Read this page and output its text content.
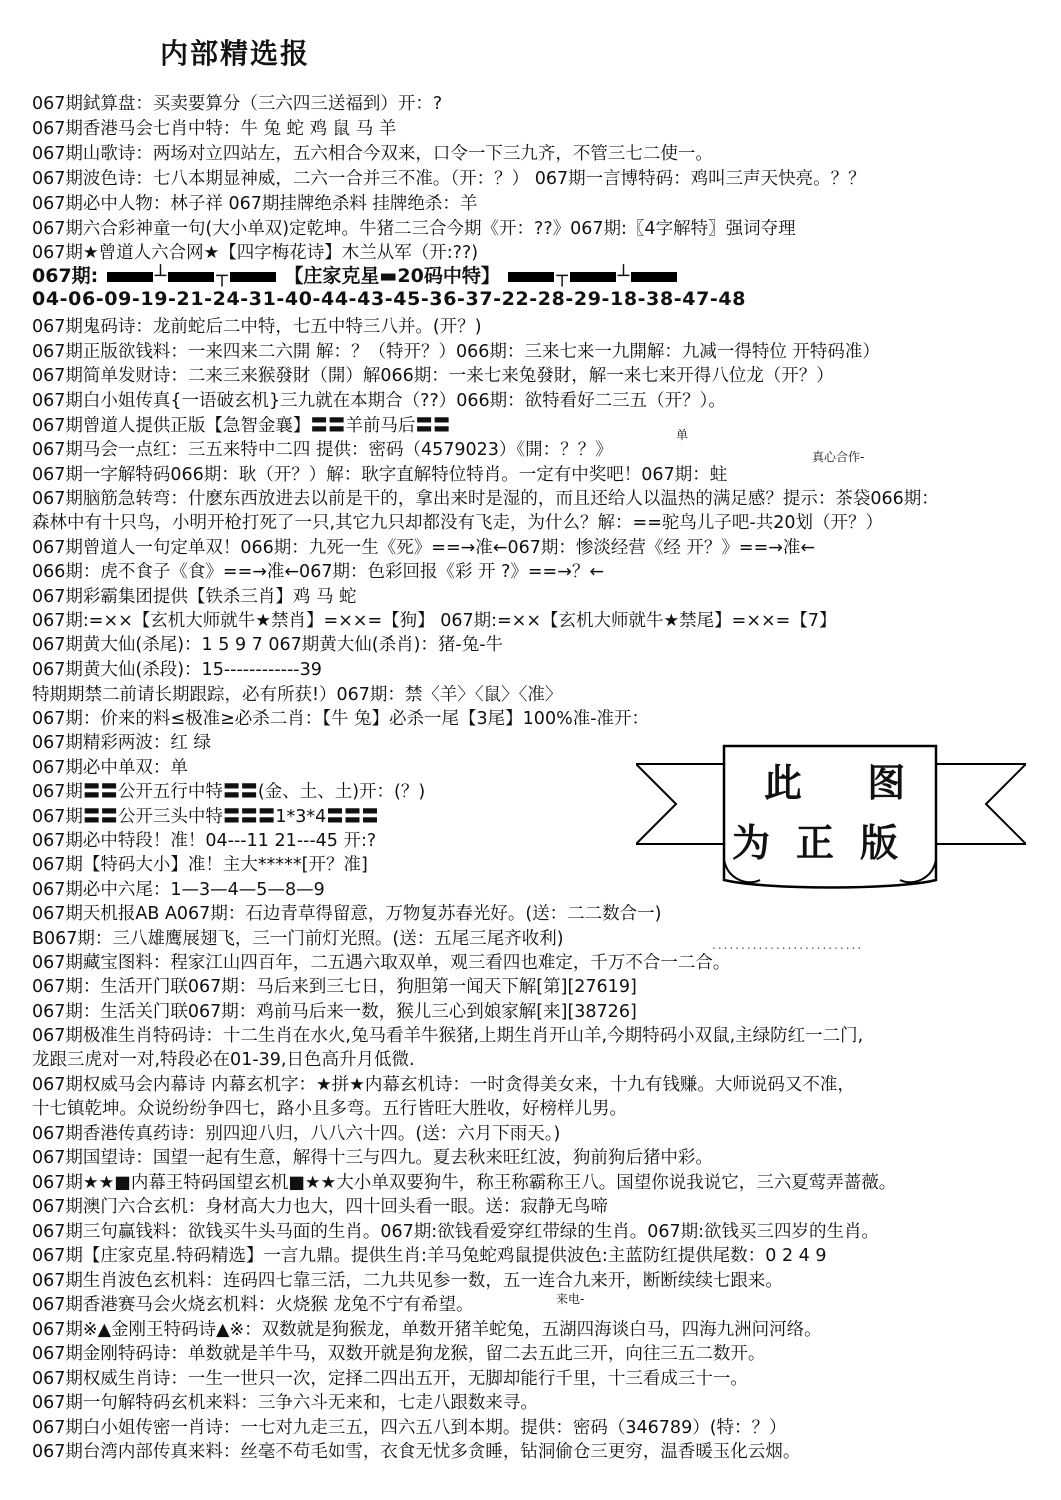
内部精选报
067期鉽算盘：买卖要算分（三六四三送福到）开：?
067期香港马会七肖中特：牛 兔 蛇 鸡 鼠 马 羊
067期山歌诗：两场对立四站左，五六相合今双来，口令一下三九齐，不管三七二使一。
067期波色诗：七八本期显神威，二六一合并三不准。（开：？） 067期一言博特码：鸡叫三声天快亮。？？
067期必中人物：林子祥 067期挂牌绝杀料 挂牌绝杀：羊
067期六合彩神童一句(大小单双)定乾坤。牛猪二三合今期《开：??》067期:〖4字解特〗强词夺理
067期★曾道人六合网★【四字梅花诗】木兰从军（开:??)
067期鬼码诗：龙前蛇后二中特，七五中特三八并。(开？)
067期正版欲钱料：一来四来二六開 解：？（特开？）066期：三来七来一九開解：九减一得特位 开特码准）
067期简单发财诗：二来三来猴發財（開）解066期：一来七来兔發財，解一来七来开得八位龙（开？）
067期白小姐传真{一语破玄机}三九就在本期合（??）066期：欲特看好二三五（开？）。
067期曾道人提供正版【急智金襄】〓〓羊前马后〓〓
067期马会一点红：三五来特中二四 提供：密码（4579023）《開：？？》
067期一字解特码066期：耿（开？）解：耿字直解特位特肖。一定有中奖吧！067期：蛀
067期脑筋急转弯：什麽东西放进去以前是干的，拿出来时是湿的，而且还给人以温热的满足感？提示：茶袋066期：
森林中有十只鸟，小明开枪打死了一只,其它九只却都没有飞走，为什么？解：==驼鸟儿子吧-共20划（开？）
067期曾道人一句定单双！066期：九死一生《死》==→准←067期：惨淡经营《经 开？》==→准←
066期：虎不食子《食》==→准←067期：色彩回报《彩 开 ?》==→？←
067期彩霸集团提供【铁杀三肖】鸡 马 蛇
067期:=××【玄机大师就牛★禁肖】=××=【狗】 067期:=××【玄机大师就牛★禁尾】=××=【7】
067期黄大仙(杀尾)：1 5 9 7 067期黄大仙(杀肖)：猪-兔-牛
067期黄大仙(杀段)：15------------39
特期期禁二前请长期跟踪，必有所获!）067期：禁〈羊〉〈鼠〉〈准〉
067期：价来的料≤极准≥必杀二肖：【牛 兔】必杀一尾【3尾】100%准-准开：
067期精彩两波：红 绿
067期必中单双：单
067期〓〓公开五行中特〓〓(金、土、土)开：(？)
067期〓〓公开三头中特〓〓〓1*3*4〓〓〓
067期必中特段！准！04---11 21---45 开:?
067期【特码大小】准！主大*****[开？准]
067期必中六尾：1—3—4—5—8—9
067期天机报AB A067期：石边青草得留意，万物复苏春光好。(送：二二数合一)
B067期：三八雄鹰展翅飞，三一门前灯光照。(送：五尾三尾齐收利)
067期藏宝图料：程家江山四百年，二五遇六取双单，观三看四也难定，千万不合一二合。
067期：生活开门联067期：马后来到三七日，狗胆第一闻天下解[第][27619]
067期：生活关门联067期：鸡前马后来一数，猴儿三心到娘家解[来][38726]
067期极准生肖特码诗：十二生肖在水火,兔马看羊牛猴猪,上期生肖开山羊,今期特码小双鼠,主绿防红一二门,
龙跟三虎对一对,特段必在01-39,日色高升月低微.
067期权威马会内幕诗 内幕玄机字：★拼★内幕玄机诗：一时贪得美女来，十九有钱赚。大师说码又不准，
十七镇乾坤。众说纷纷争四七，路小且多弯。五行皆旺大胜收，好榜样儿男。
067期香港传真药诗：别四迎八归，八八六十四。(送：六月下雨天。)
067期国望诗：国望一起有生意，解得十三与四九。夏去秋来旺红波，狗前狗后猪中彩。
067期★★■内幕王特码国望玄机■★★大小单双要狗牛，称王称霸称王八。国望你说我说它，三六夏莺弄蔷薇。
067期澳门六合玄机：身材高大力也大，四十回头看一眼。送：寂静无鸟啼
067期三句赢钱料：欲钱买牛头马面的生肖。067期:欲钱看爱穿红带绿的生肖。067期:欲钱买三四岁的生肖。
067期【庄家克星.特码精选】一言九鼎。提供生肖:羊马兔蛇鸡鼠提供波色:主蓝防红提供尾数：0 2 4 9
067期生肖波色玄机料：连码四七靠三活，二九共见参一数，五一连合九来开，断断续续七跟来。
067期香港赛马会火烧玄机料：火烧猴 龙兔不宁有希望。
067期※▲金刚王特码诗▲※：双数就是狗猴龙，单数开猪羊蛇兔，五湖四海谈白马，四海九洲问河络。
067期金刚特码诗：单数就是羊牛马，双数开就是狗龙猴，留二去五此三开，向往三五二数开。
067期权威生肖诗：一生一世只一次，定择二四出五开，无脚却能行千里，十三看成三十一。
067期一句解特码玄机来料：三争六斗无来和，七走八跟数来寻。
067期白小姐传密一肖诗：一七对九走三五，四六五八到本期。提供：密码（346789）(特：？）
067期台湾内部传真来料：丝毫不苟毛如雪，衣食无忧多贪睡，钻洞偷仓三更穷，温香暖玉化云烟。
067期:	┴	┬	【庄家克星▬20码中特】	┬	┴
04-06-09-19-21-24-31-40-44-43-45-36-37-22-28-29-18-38-47-48
此 图
为正版
真心合作-
单
来电-
..........................
